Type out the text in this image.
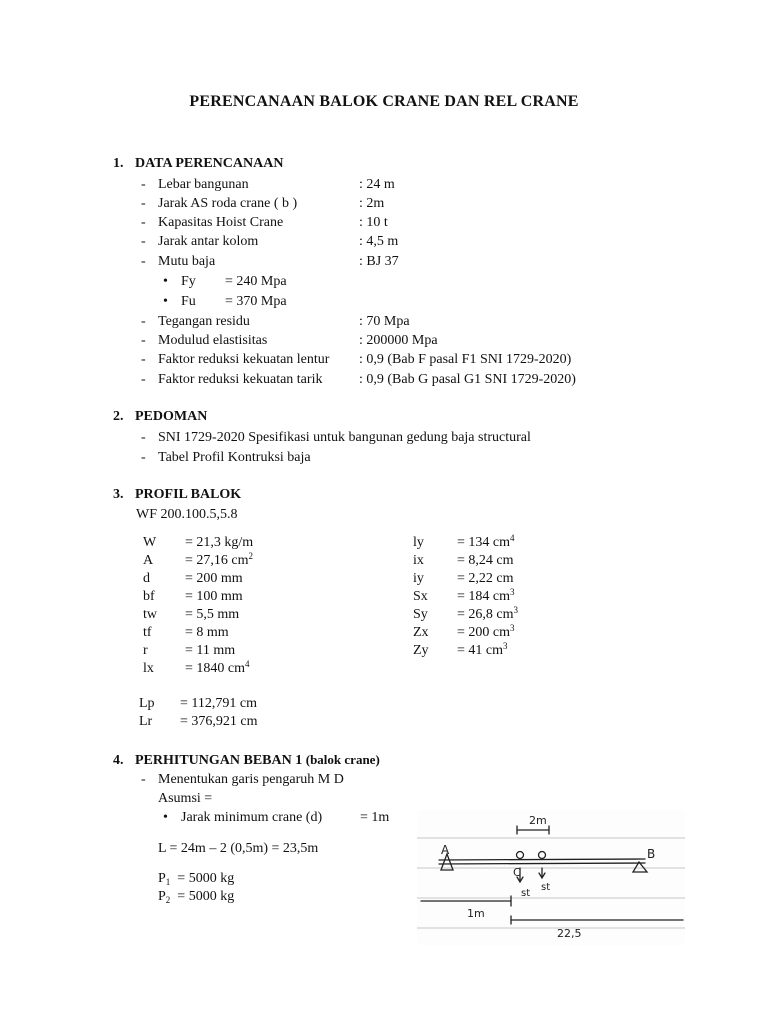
PERENCANAAN BALOK CRANE DAN REL CRANE
1. DATA PERENCANAAN
- Lebar bangunan	: 24 m
- Jarak AS roda crane ( b )	: 2m
- Kapasitas Hoist Crane	: 10 t
- Jarak antar kolom	: 4,5 m
- Mutu baja	: BJ 37
• Fy = 240 Mpa
• Fu = 370 Mpa
- Tegangan residu	: 70 Mpa
- Modulud elastisitas	: 200000 Mpa
- Faktor reduksi kekuatan lentur : 0,9 (Bab F pasal F1 SNI 1729-2020)
- Faktor reduksi kekuatan tarik	: 0,9 (Bab G pasal G1 SNI 1729-2020)
2. PEDOMAN
- SNI 1729-2020 Spesifikasi untuk bangunan gedung baja structural
- Tabel Profil Kontruksi baja
3. PROFIL BALOK
WF 200.100.5,5.8
W = 21,3 kg/m
A = 27,16 $cm^2$
d	= 200 mm
bf = 100 mm
tw = 5,5 mm
tf = 8 mm
r	= 11 mm
lx = 1840 $cm^4$
ly = 134 $cm^4$
ix = 8,24 cm
iy = 2,22 cm
Sx = 184 $cm^3$
Sy = 26,8 $cm^3$
Zx = 200 $cm^3$
Zy = 41 $cm^3$
Lp = 112,791 cm
Lr = 376,921 cm
4. PERHITUNGAN BEBAN 1 (balok crane)
- Menentukan garis pengaruh M D
Asumsi =
• Jarak minimum crane (d)	= 1m
L = 24m – 2 (0,5m) = 23,5m
$P_1 = 5000$ kg
$P_2 = 5000$ kg
2m
A	B
C
st
st
1m
22,5
